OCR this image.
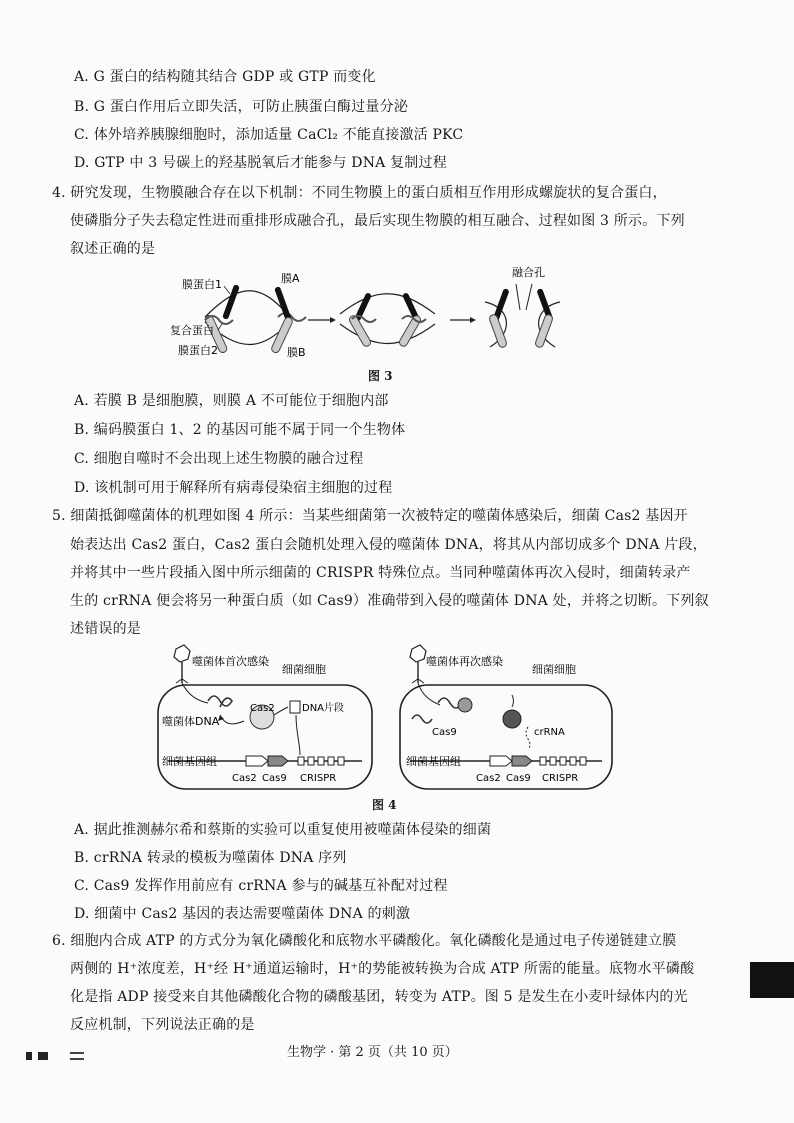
A. G 蛋白的结构随其结合 GDP 或 GTP 而变化
B. G 蛋白作用后立即失活，可防止胰蛋白酶过量分泌
C. 体外培养胰腺细胞时，添加适量 CaCl₂ 不能直接激活 PKC
D. GTP 中 3 号碳上的羟基脱氧后才能参与 DNA 复制过程
4. 研究发现，生物膜融合存在以下机制：不同生物膜上的蛋白质相互作用形成螺旋状的复合蛋白，
使磷脂分子失去稳定性进而重排形成融合孔，最后实现生物膜的相互融合、过程如图 3 所示。下列
叙述正确的是
膜蛋白1	膜A
复合蛋白
膜蛋白2	膜B
融合孔
图 3
A. 若膜 B 是细胞膜，则膜 A 不可能位于细胞内部
B. 编码膜蛋白 1、2 的基因可能不属于同一个生物体
C. 细胞自噬时不会出现上述生物膜的融合过程
D. 该机制可用于解释所有病毒侵染宿主细胞的过程
5. 细菌抵御噬菌体的机理如图 4 所示：当某些细菌第一次被特定的噬菌体感染后，细菌 Cas2 基因开
始表达出 Cas2 蛋白，Cas2 蛋白会随机处理入侵的噬菌体 DNA，将其从内部切成多个 DNA 片段，
并将其中一些片段插入图中所示细菌的 CRISPR 特殊位点。当同种噬菌体再次入侵时，细菌转录产
生的 crRNA 便会将另一种蛋白质（如 Cas9）准确带到入侵的噬菌体 DNA 处，并将之切断。下列叙
述错误的是
Cas2	DNA片段
噬菌体首次感染
细菌细胞
噬菌体DNA
细菌基因组
Cas2 Cas9 CRISPR
Cas9	crRNA
噬菌体再次感染
细菌细胞
细菌基因组
Cas2 Cas9 CRISPR
图 4
A. 据此推测赫尔希和蔡斯的实验可以重复使用被噬菌体侵染的细菌
B. crRNA 转录的模板为噬菌体 DNA 序列
C. Cas9 发挥作用前应有 crRNA 参与的碱基互补配对过程
D. 细菌中 Cas2 基因的表达需要噬菌体 DNA 的刺激
6. 细胞内合成 ATP 的方式分为氧化磷酸化和底物水平磷酸化。氧化磷酸化是通过电子传递链建立膜
两侧的 H⁺浓度差，H⁺经 H⁺通道运输时，H⁺的势能被转换为合成 ATP 所需的能量。底物水平磷酸
化是指 ADP 接受来自其他磷酸化合物的磷酸基团，转变为 ATP。图 5 是发生在小麦叶绿体内的光
反应机制，下列说法正确的是
生物学 · 第 2 页（共 10 页）
